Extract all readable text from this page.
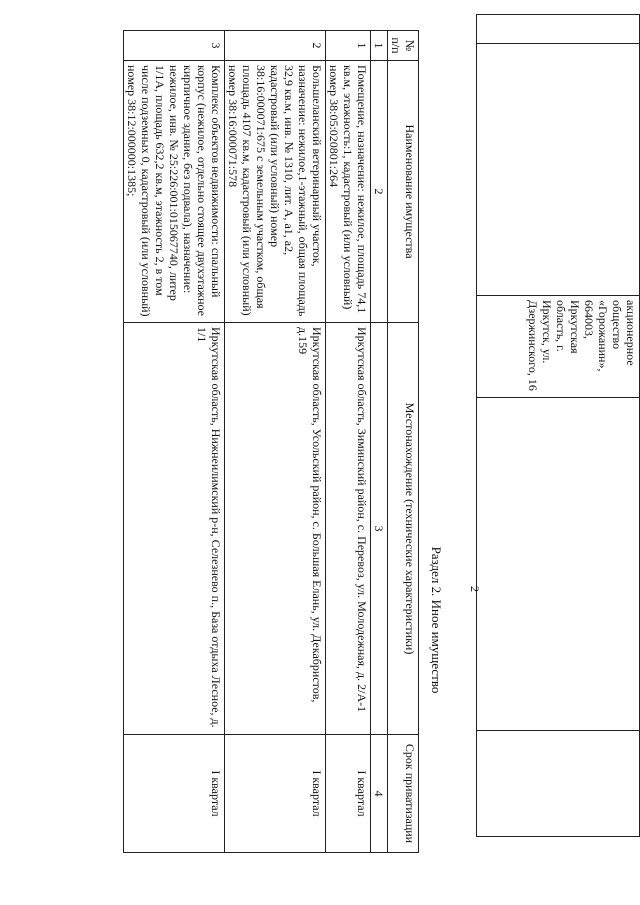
		акционерное общество «Горожанин», 664003, Иркутская область, г. Иркутск, ул. Дзержинского, 16		
2
Раздел 2. Иное имущество
№ п/п	Наименование имущества	Местонахождение (технические характеристики)	Срок приватизации
1	2	3	4
1	Помещение, назначение: нежилое, площадь 74,1 кв.м, этажность:1, кадастровый (или условный) номер 38:05:020801:264	Иркутская область, Зиминский район, с. Перевоз, ул. Молодежная, д. 2/А-1	I квартал
2	Большеланский ветеринарный участок, назначение: нежилое,1-этажный, общая площадь 32,9 кв.м, инв. № 1310, лит. А, а1, а2, кадастровый (или условный) номер 38:16:000071:675 с земельным участком, общая площадь 4107 кв.м, кадастровый (или условный) номер 38:16:000071:578	Иркутская область, Усольский район, с. Большая Елань, ул. Декабристов, д.159	I квартал
3	Комплекс объектов недвижимости: спальный корпус (нежилое, отдельно стоящее двухэтажное кирпичное здание, без подвала), назначение: нежилое, инв. № 25:226:001:015067740, литер 1/1А, площадь 632,2 кв.м, этажность 2, в том числе подземных 0, кадастровый (или условный) номер 38:12:000000:1385;	Иркутская область, Нижнеилимский р-н, Селезнево п., База отдыха Лесное, д. 1/1	I квартал
